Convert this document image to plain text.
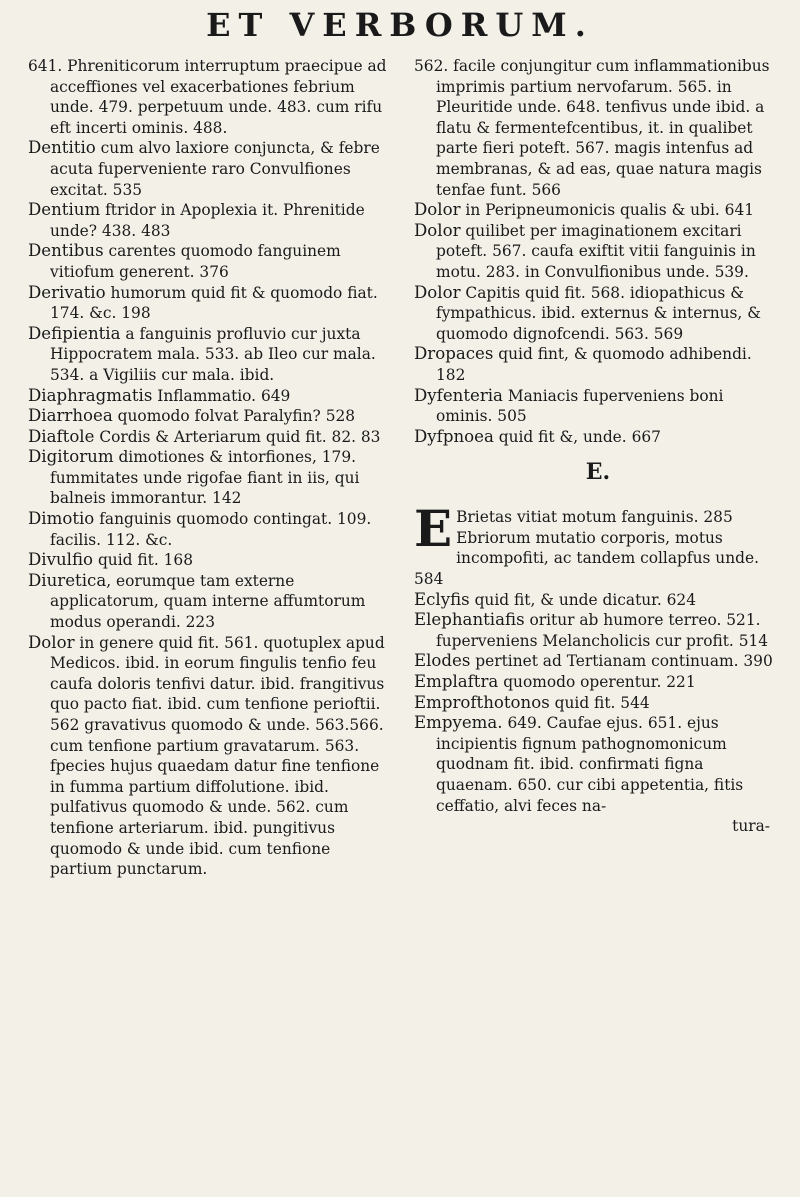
ET VERBORUM.

641. Phreniticorum interruptum praecipue ad acceffiones vel exacerbationes febrium unde. 479. perpetuum unde. 483. cum rifu eft incerti ominis. 488.

Dentitio cum alvo laxiore conjuncta, & febre acuta fuperveniente raro Convulfiones excitat. 535

Dentium ftridor in Apoplexia it. Phrenitide unde? 438. 483

Dentibus carentes quomodo fanguinem vitiofum generent. 376

Derivatio humorum quid fit & quomodo fiat. 174. &c. 198

Defipientia a fanguinis profluvio cur juxta Hippocratem mala. 533. ab Ileo cur mala. 534. a Vigiliis cur mala. ibid.

Diaphragmatis Inflammatio. 649

Diarrhoea quomodo folvat Paralyfin? 528

Diaftole Cordis & Arteriarum quid fit. 82. 83

Digitorum dimotiones & intorfiones, 179. fummitates unde rigofae fiant in iis, qui balneis immorantur. 142

Dimotio fanguinis quomodo contingat. 109. facilis. 112. &c.

Divulfio quid fit. 168

Diuretica, eorumque tam externe applicatorum, quam interne affumtorum modus operandi. 223

Dolor in genere quid fit. 561. quotuplex apud Medicos. ibid. in eorum fingulis tenfio feu caufa doloris tenfivi datur. ibid. frangitivus quo pacto fiat. ibid. cum tenfione perioftii. 562 gravativus quomodo & unde. 563.566. cum tenfione partium gravatarum. 563. fpecies hujus quaedam datur fine tenfione in fumma partium diffolutione. ibid. pulfativus quomodo & unde. 562. cum tenfione arteriarum. ibid. pungitivus quomodo & unde ibid. cum tenfione partium punctarum.

562. facile conjungitur cum inflammationibus imprimis partium nervofarum. 565. in Pleuritide unde. 648. tenfivus unde ibid. a flatu & fermentefcentibus, it. in qualibet parte fieri poteft. 567. magis intenfus ad membranas, & ad eas, quae natura magis tenfae funt. 566

Dolor in Peripneumonicis qualis & ubi. 641

Dolor quilibet per imaginationem excitari poteft. 567. caufa exiftit vitii fanguinis in motu. 283. in Convulfionibus unde. 539.

Dolor Capitis quid fit. 568. idiopathicus & fympathicus. ibid. externus & internus, & quomodo dignofcendi. 563. 569

Dropaces quid fint, & quomodo adhibendi. 182

Dyfenteria Maniacis fuperveniens boni ominis. 505

Dyfpnoea quid fit &, unde. 667

E.

E Brietas vitiat motum fanguinis. 285 Ebriorum mutatio corporis, motus incompofiti, ac tandem collapfus unde. 584

Eclyfis quid fit, & unde dicatur. 624

Elephantiafis oritur ab humore terreo. 521. fuperveniens Melancholicis cur profit. 514

Elodes pertinet ad Tertianam continuam. 390

Emplaftra quomodo operentur. 221

Emprofthotonos quid fit. 544

Empyema. 649. Caufae ejus. 651. ejus incipientis fignum pathognomonicum quodnam fit. ibid. confirmati figna quaenam. 650. cur cibi appetentia, fitis ceffatio, alvi feces na-

tura-
